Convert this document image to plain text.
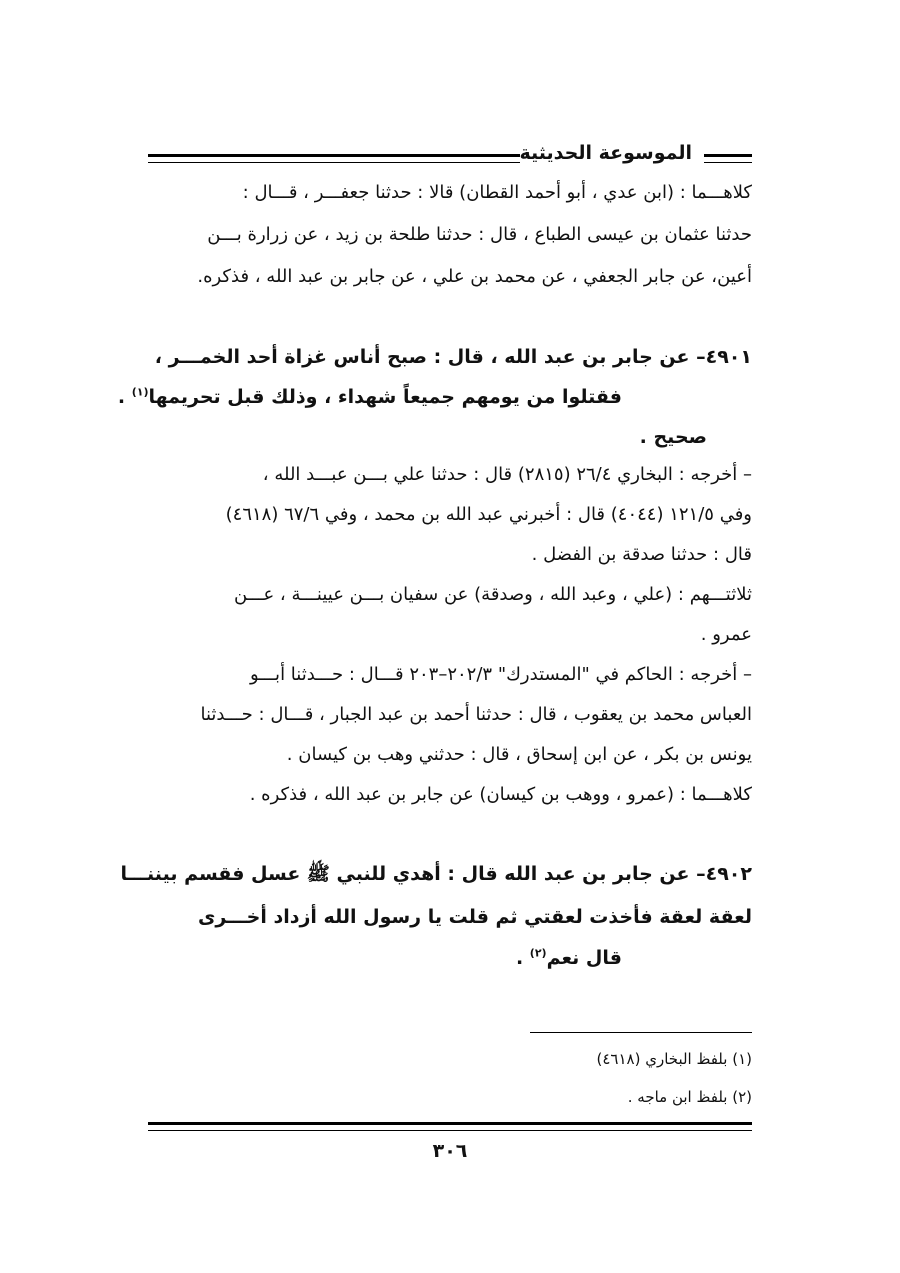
الموسوعة الحديثية
كلاهـــما : (ابن عدي ، أبو أحمد القطان) قالا : حدثنا جعفـــر ، قـــال :
حدثنا عثمان بن عيسى الطباع ، قال : حدثنا طلحة بن زيد ، عن زرارة بـــن
أعين، عن جابر الجعفي ، عن محمد بن علي ، عن جابر بن عبد الله ، فذكره.
٤٩٠١– عن جابر بن عبد الله ، قال : صبح أناس غزاة أحد الخمـــر ،
فقتلوا من يومهم جميعاً شهداء ، وذلك قبل تحريمها$^{(١)}$ .
صحيح .
– أخرجه : البخاري ٢٦/٤ (٢٨١٥) قال : حدثنا علي بـــن عبـــد الله ،
وفي ١٢١/٥ (٤٠٤٤) قال : أخبرني عبد الله بن محمد ، وفي ٦٧/٦ (٤٦١٨)
قال : حدثنا صدقة بن الفضل .
ثلاثتـــهم : (علي ، وعبد الله ، وصدقة) عن سفيان بـــن عيينـــة ، عـــن
عمرو .
– أخرجه : الحاكم في "المستدرك" ٢٠٢/٣–٢٠٣ قـــال : حـــدثنا أبـــو
العباس محمد بن يعقوب ، قال : حدثنا أحمد بن عبد الجبار ، قـــال : حـــدثنا
يونس بن بكر ، عن ابن إسحاق ، قال : حدثني وهب بن كيسان .
كلاهـــما : (عمرو ، ووهب بن كيسان) عن جابر بن عبد الله ، فذكره .
٤٩٠٢– عن جابر بن عبد الله قال : أهدي للنبي ﷺ عسل فقسم بيننـــا
لعقة لعقة فأخذت لعقتي ثم قلت يا رسول الله أزداد أخـــرى
قال نعم$^{(٢)}$ .
(١) بلفظ البخاري (٤٦١٨)
(٢) بلفظ ابن ماجه .
٣٠٦
